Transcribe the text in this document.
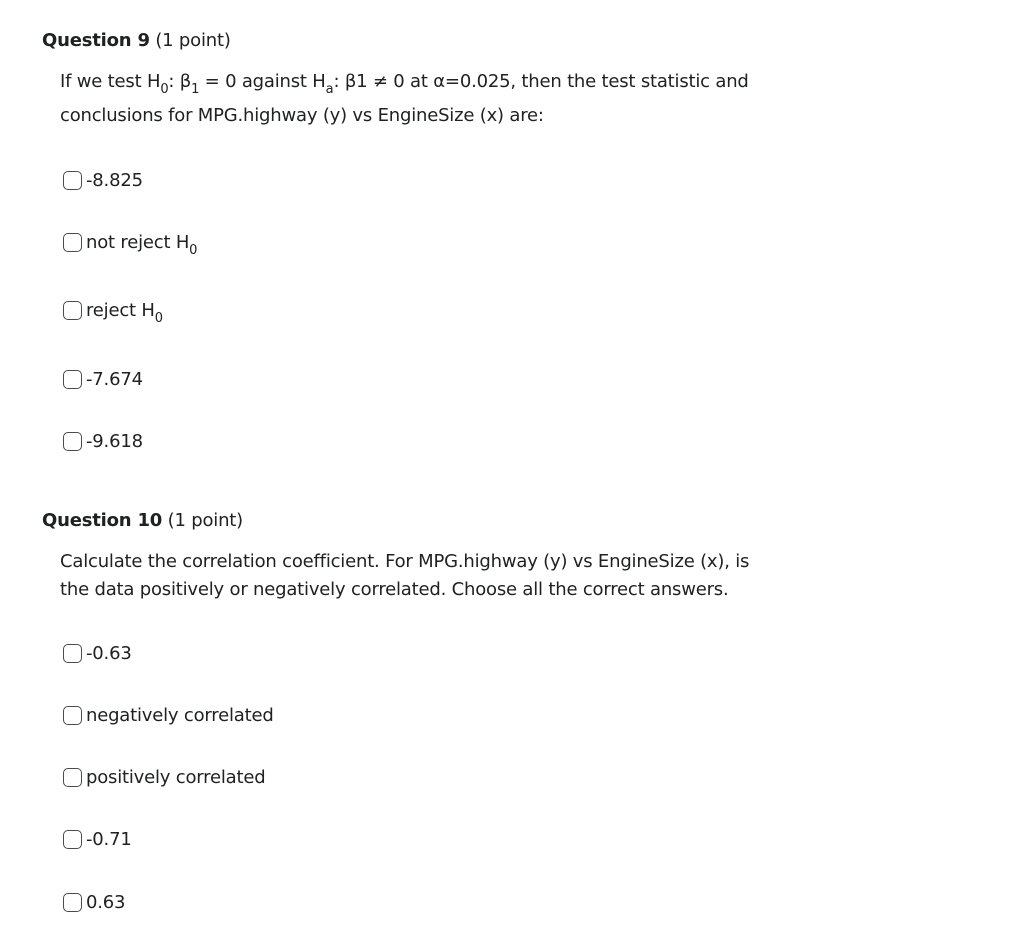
Question 9 (1 point)
If we test $H_0$: $\beta_1 = 0$ against $H_a$: β1 ≠ 0 at α=0.025, then the test statistic and
conclusions for MPG.highway (y) vs EngineSize (x) are:
-8.825
not reject $H_0$
reject $H_0$
-7.674
-9.618
Question 10 (1 point)
Calculate the correlation coefficient. For MPG.highway (y) vs EngineSize (x), is
the data positively or negatively correlated. Choose all the correct answers.
-0.63
negatively correlated
positively correlated
-0.71
0.63
